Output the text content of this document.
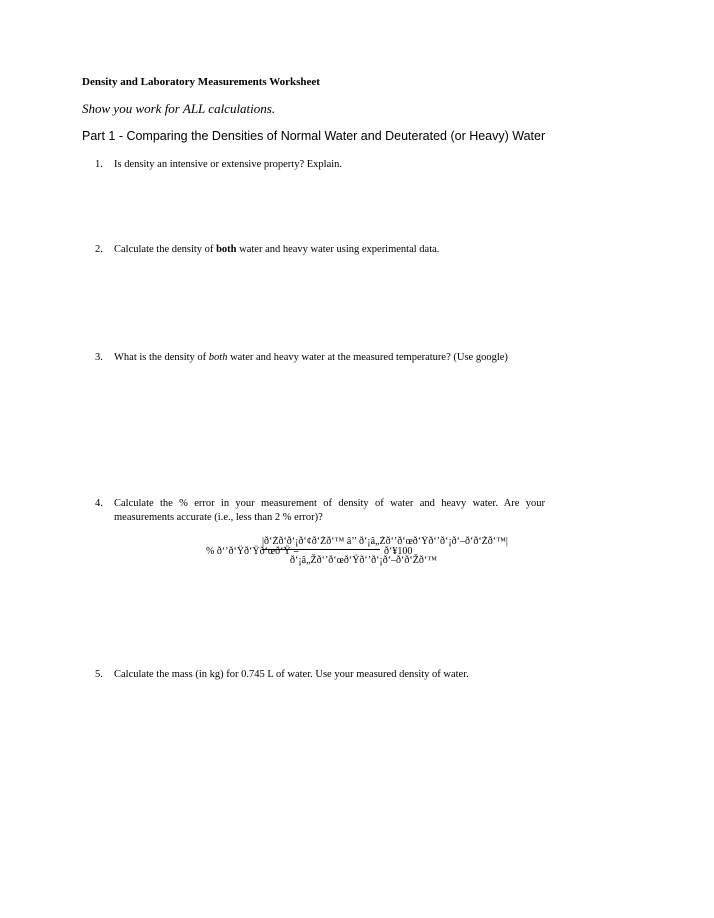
Density and Laboratory Measurements Worksheet
Show you work for ALL calculations.
Part 1 - Comparing the Densities of Normal Water and Deuterated (or Heavy) Water
1. Is density an intensive or extensive property? Explain.
2. Calculate the density of both water and heavy water using experimental data.
3. What is the density of both water and heavy water at the measured temperature? (Use google)
4. Calculate the % error in your measurement of density of water and heavy water. Are your measurements accurate (i.e., less than 2 % error)?
% ð‘’ð‘Ÿð‘Ÿð‘œð‘Ÿ =
|ð‘Žð‘ð‘¡ð‘¢ð‘Žð‘™ â’’ ð‘¡â„Žð‘’ð‘œð‘Ÿð‘’ð‘¡ð‘–ð‘ð‘Žð‘™|
ð‘¥100
ð‘¡â„Žð‘’ð‘œð‘Ÿð‘’ð‘¡ð‘–ð‘ð‘Žð‘™
5. Calculate the mass (in kg) for 0.745 L of water. Use your measured density of water.
